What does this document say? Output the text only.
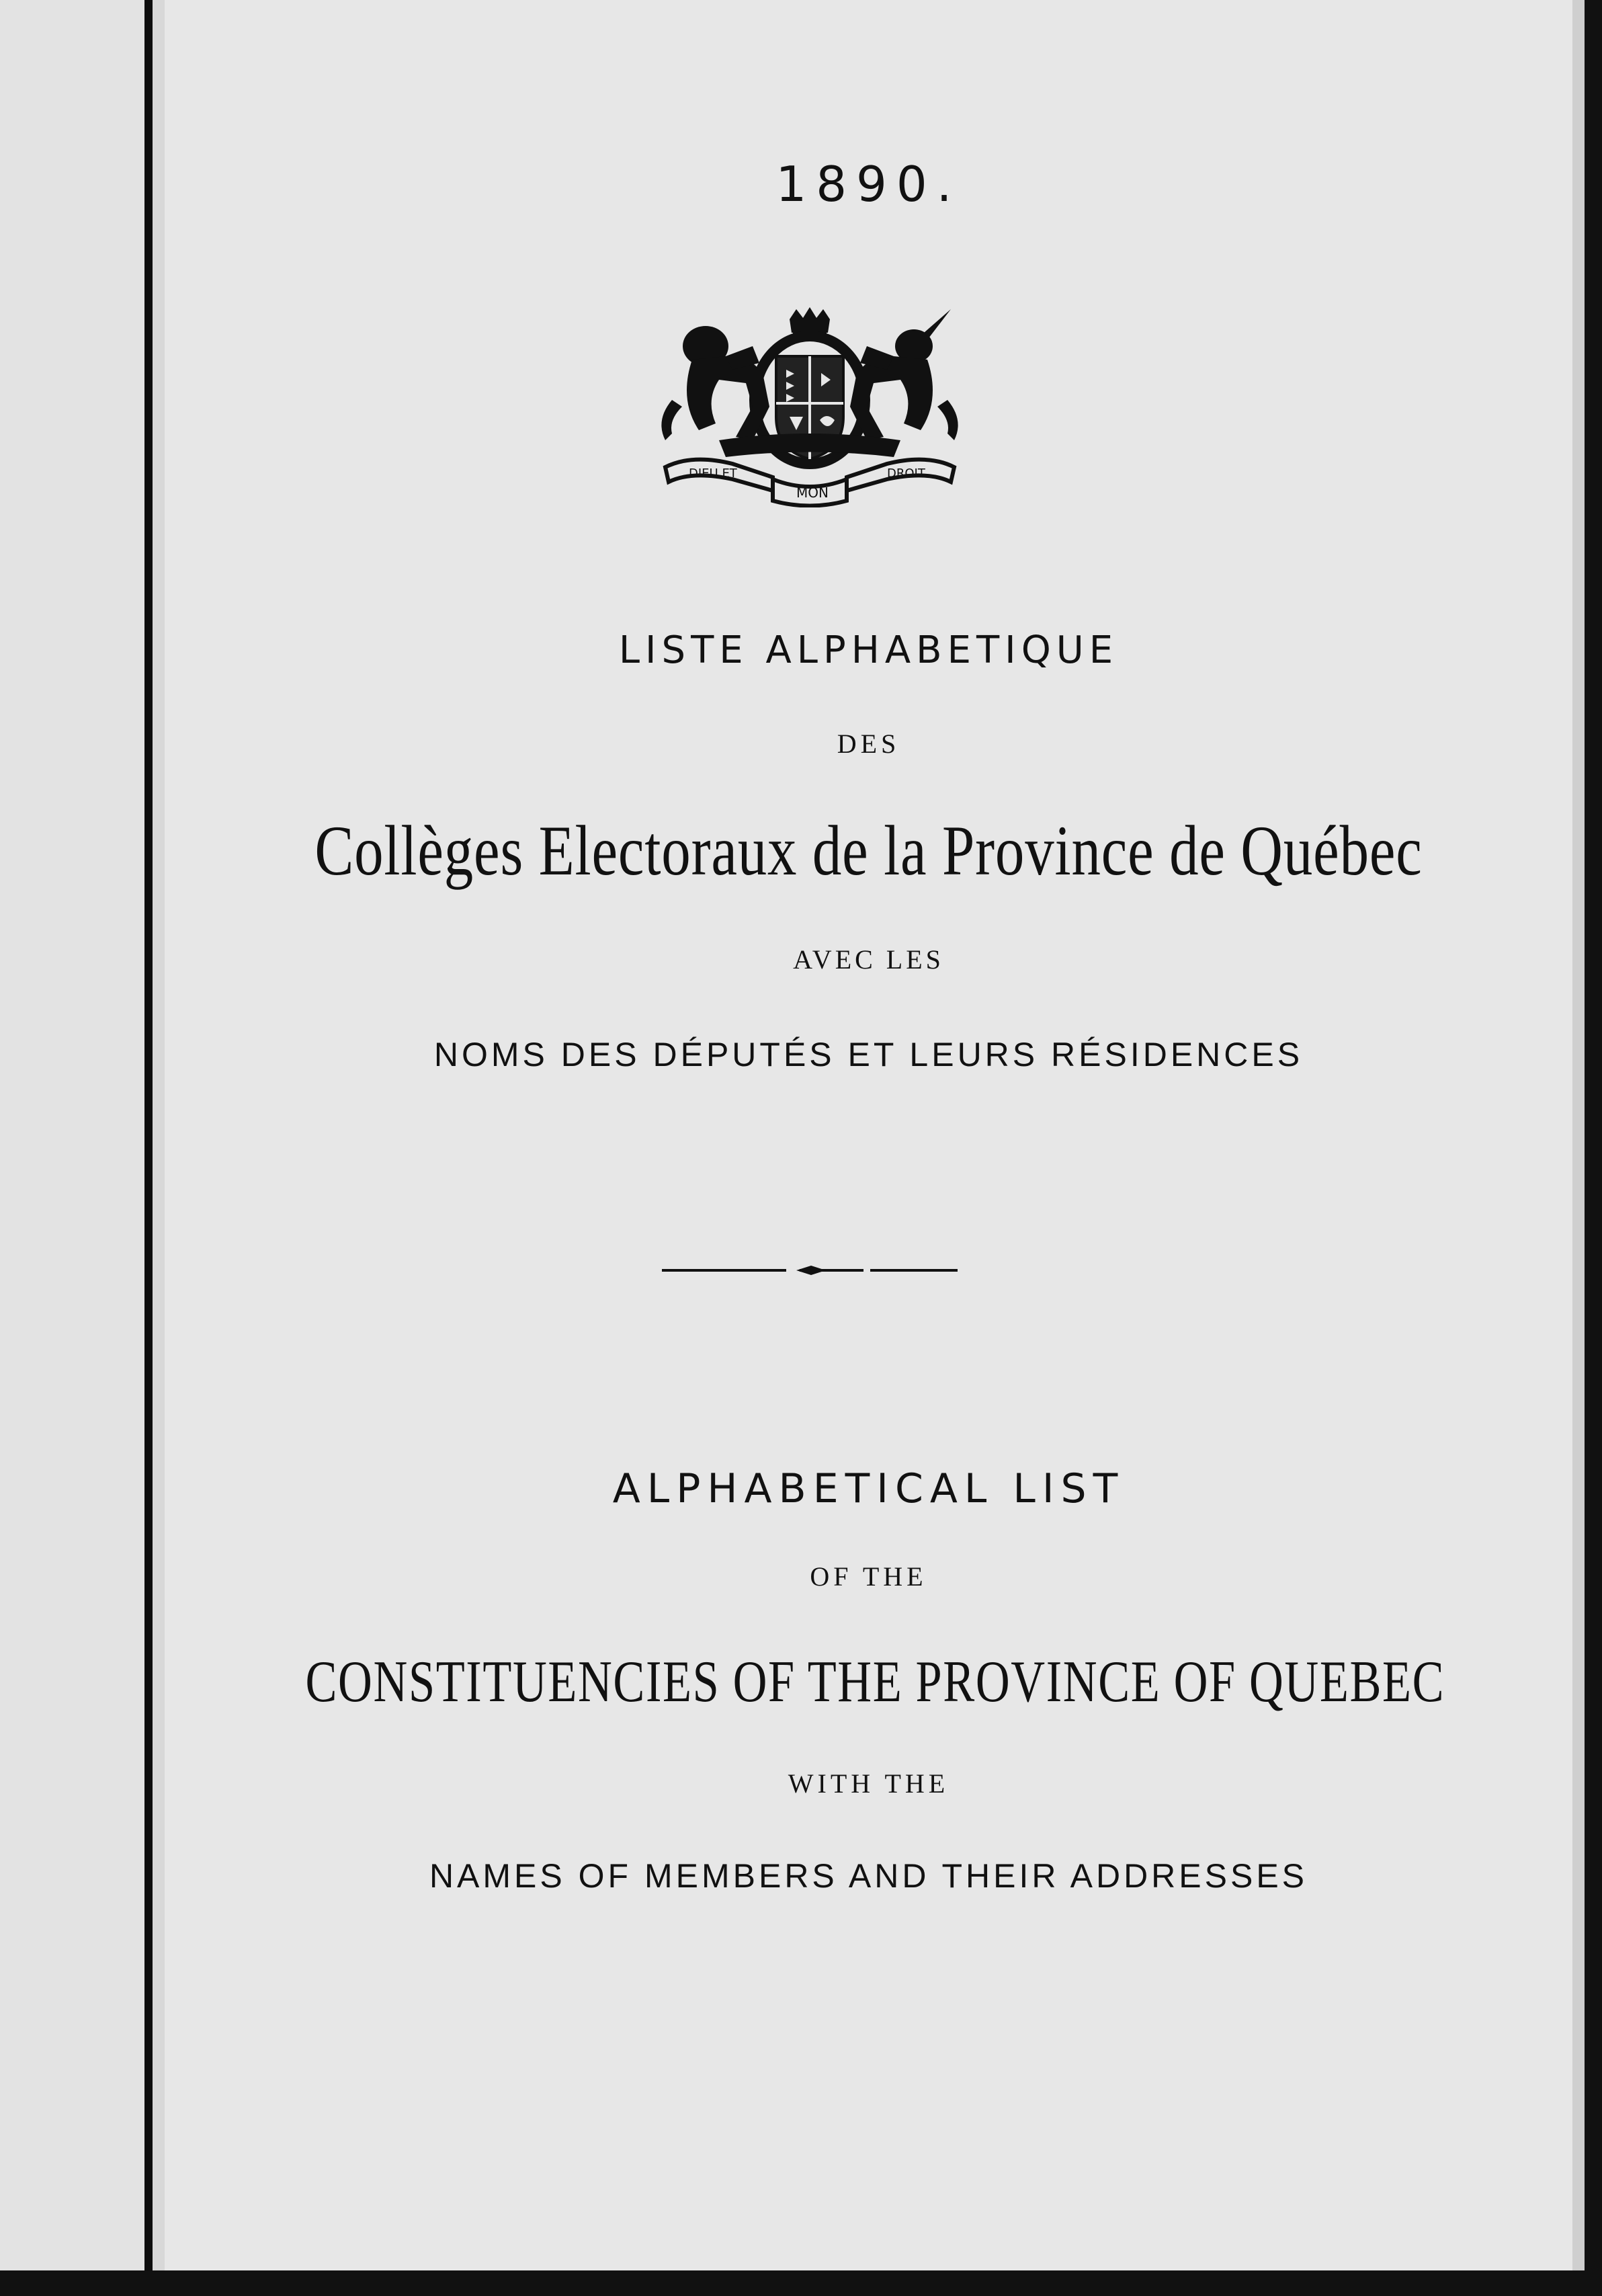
1890.
DIEU ET
MON
DROIT
LISTE ALPHABETIQUE

DES

Collèges Electoraux de la Province de Québec

AVEC LES

NOMS DES DÉPUTÉS ET LEURS RÉSIDENCES

ALPHABETICAL LIST

OF THE

CONSTITUENCIES OF THE PROVINCE OF QUEBEC

WITH THE

NAMES OF MEMBERS AND THEIR ADDRESSES
